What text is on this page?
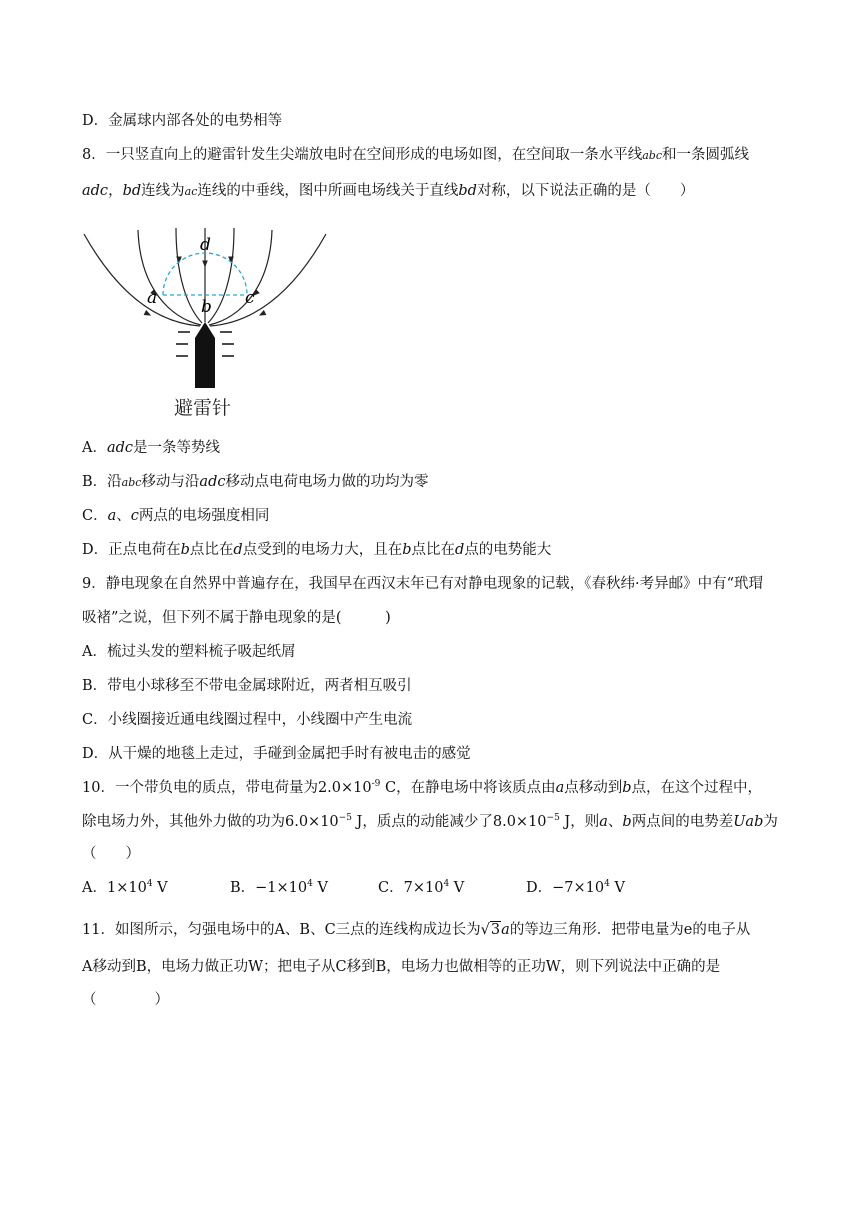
D．金属球内部各处的电势相等
8．一只竖直向上的避雷针发生尖端放电时在空间形成的电场如图，在空间取一条水平线abc和一条圆弧线
adc，bd连线为ac连线的中垂线，图中所画电场线关于直线bd对称，以下说法正确的是（　　）
d
a	b c
避雷针
A．adc是一条等势线
B．沿abc移动与沿adc移动点电荷电场力做的功均为零
C．a、c两点的电场强度相同
D．正点电荷在b点比在d点受到的电场力大，且在b点比在d点的电势能大
9．静电现象在自然界中普遍存在，我国早在西汉末年已有对静电现象的记载，《春秋纬·考异邮》中有“玳瑁
吸褚”之说，但下列不属于静电现象的是(　　　)
A．梳过头发的塑料梳子吸起纸屑
B．带电小球移至不带电金属球附近，两者相互吸引
C．小线圈接近通电线圈过程中，小线圈中产生电流
D．从干燥的地毯上走过，手碰到金属把手时有被电击的感觉
10．一个带负电的质点，带电荷量为$2.0\times 10^{-9}$ C，在静电场中将该质点由a点移动到b点，在这个过程中，
除电场力外，其他外力做的功为$6.0\times 10^{-5}$ J，质点的动能减少了$8.0\times 10^{-5}$ J，则a、b两点间的电势差Uab为
（　　）
A．$1\times 10^4$ V	B．$-1\times 10^4$ V	C．$7\times 10^4$ V	D．$-7\times 10^4$ V
11．如图所示，匀强电场中的A、B、C三点的连线构成边长为√3a的等边三角形．把带电量为e的电子从
A移动到B，电场力做正功W；把电子从C移到B，电场力也做相等的正功W，则下列说法中正确的是
（　　　　）
